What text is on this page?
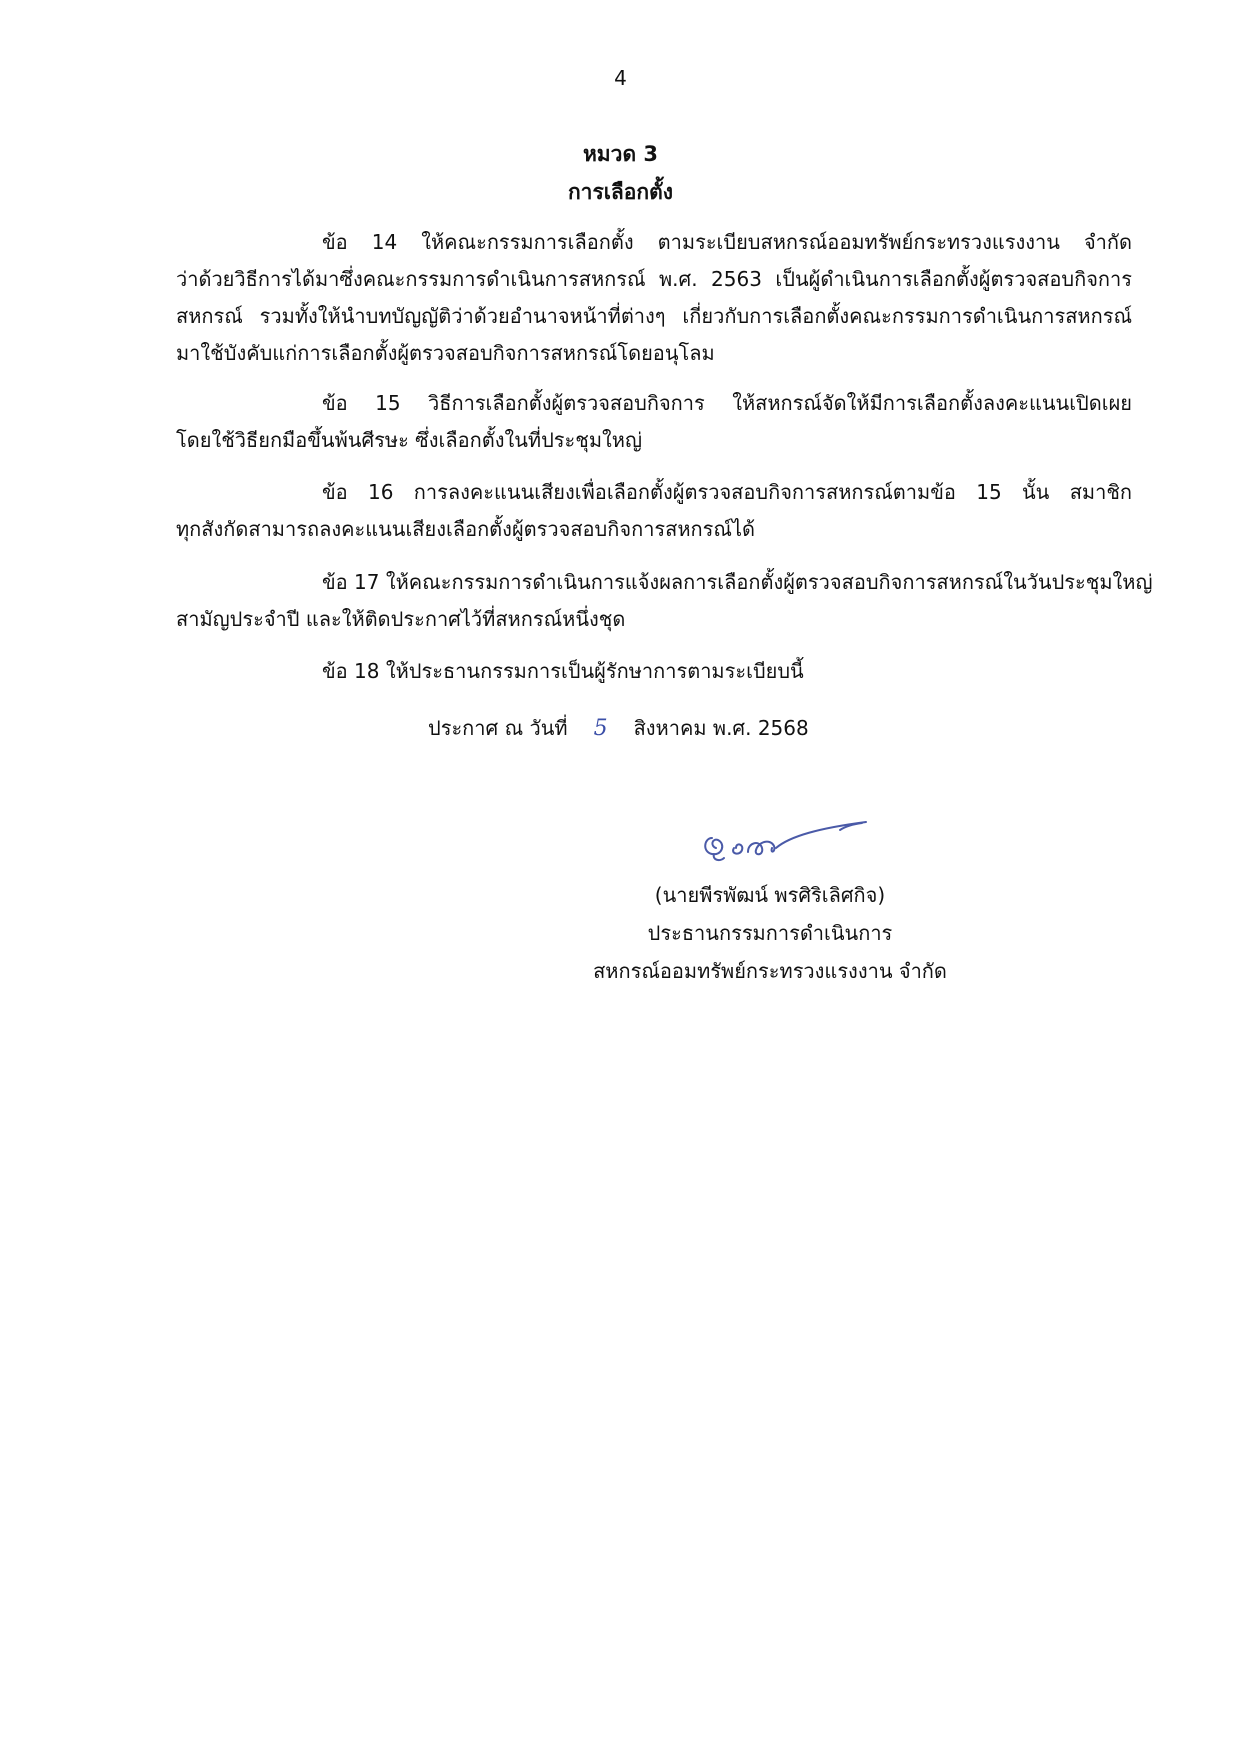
4
หมวด 3
การเลือกตั้ง

ข้อ 14 ให้คณะกรรมการเลือกตั้ง ตามระเบียบสหกรณ์ออมทรัพย์กระทรวงแรงงาน จำกัด
ว่าด้วยวิธีการได้มาซึ่งคณะกรรมการดำเนินการสหกรณ์ พ.ศ. 2563 เป็นผู้ดำเนินการเลือกตั้งผู้ตรวจสอบกิจการ
สหกรณ์ รวมทั้งให้นำบทบัญญัติว่าด้วยอำนาจหน้าที่ต่างๆ เกี่ยวกับการเลือกตั้งคณะกรรมการดำเนินการสหกรณ์
มาใช้บังคับแก่การเลือกตั้งผู้ตรวจสอบกิจการสหกรณ์โดยอนุโลม

ข้อ 15 วิธีการเลือกตั้งผู้ตรวจสอบกิจการ ให้สหกรณ์จัดให้มีการเลือกตั้งลงคะแนนเปิดเผย
โดยใช้วิธียกมือขึ้นพ้นศีรษะ ซึ่งเลือกตั้งในที่ประชุมใหญ่

ข้อ 16 การลงคะแนนเสียงเพื่อเลือกตั้งผู้ตรวจสอบกิจการสหกรณ์ตามข้อ 15 นั้น สมาชิก
ทุกสังกัดสามารถลงคะแนนเสียงเลือกตั้งผู้ตรวจสอบกิจการสหกรณ์ได้

ข้อ 17 ให้คณะกรรมการดำเนินการแจ้งผลการเลือกตั้งผู้ตรวจสอบกิจการสหกรณ์ในวันประชุมใหญ่
สามัญประจำปี และให้ติดประกาศไว้ที่สหกรณ์หนึ่งชุด

ข้อ 18 ให้ประธานกรรมการเป็นผู้รักษาการตามระเบียบนี้

ประกาศ ณ วันที่ 5 สิงหาคม พ.ศ. 2568
(นายพีรพัฒน์ พรศิริเลิศกิจ)
ประธานกรรมการดำเนินการ
สหกรณ์ออมทรัพย์กระทรวงแรงงาน จำกัด
